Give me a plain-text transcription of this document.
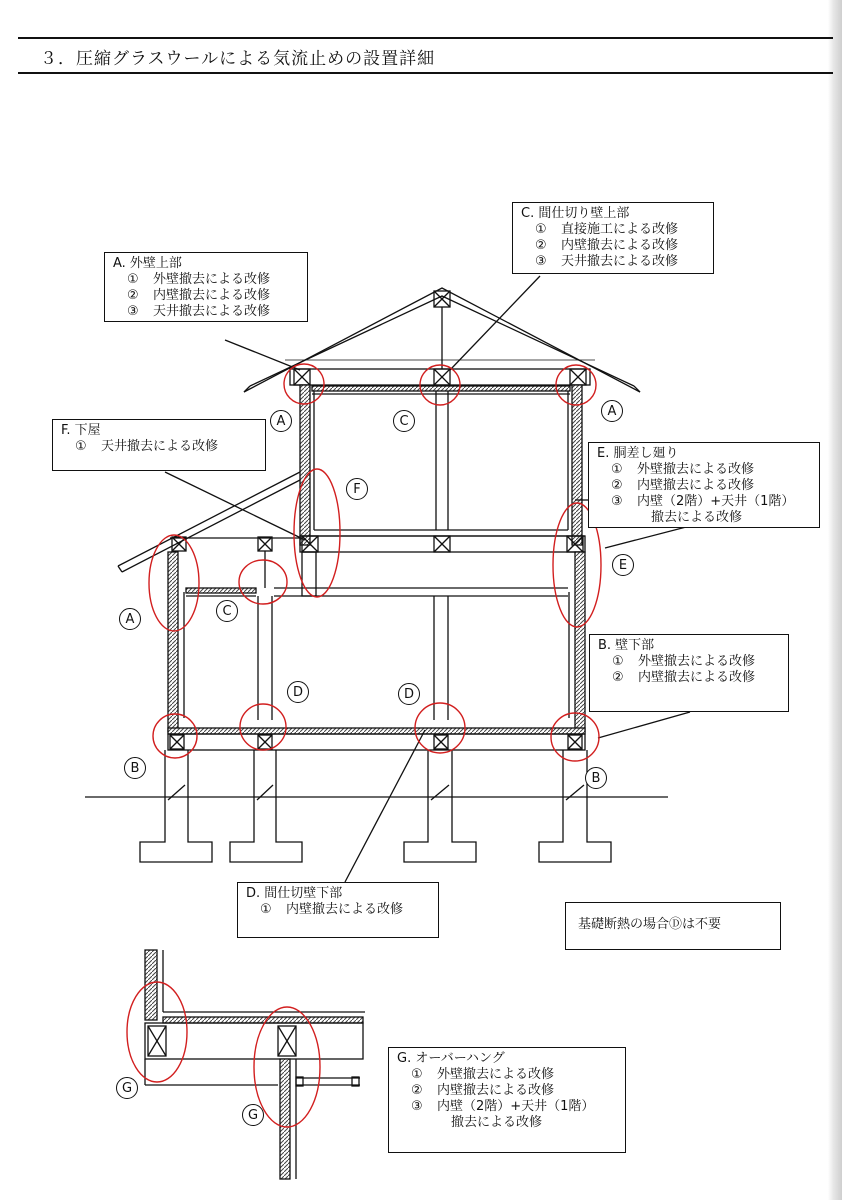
３．圧縮グラスウールによる気流止めの設置詳細
A
A
C
F
E
A
C
D	D
B
B
G
G
A. 外壁上部
① 外壁撤去による改修
② 内壁撤去による改修
③ 天井撤去による改修
C. 間仕切り壁上部
① 直接施工による改修
② 内壁撤去による改修
③ 天井撤去による改修
F. 下屋
① 天井撤去による改修	E. 胴差し廻り
① 外壁撤去による改修
② 内壁撤去による改修
③ 内壁（2階）+天井（1階）
撤去による改修
B. 壁下部
① 外壁撤去による改修
② 内壁撤去による改修
D. 間仕切壁下部
① 内壁撤去による改修
基礎断熱の場合Ⓓは不要
G. オーバーハング
① 外壁撤去による改修
② 内壁撤去による改修
③ 内壁（2階）+天井（1階）
撤去による改修
